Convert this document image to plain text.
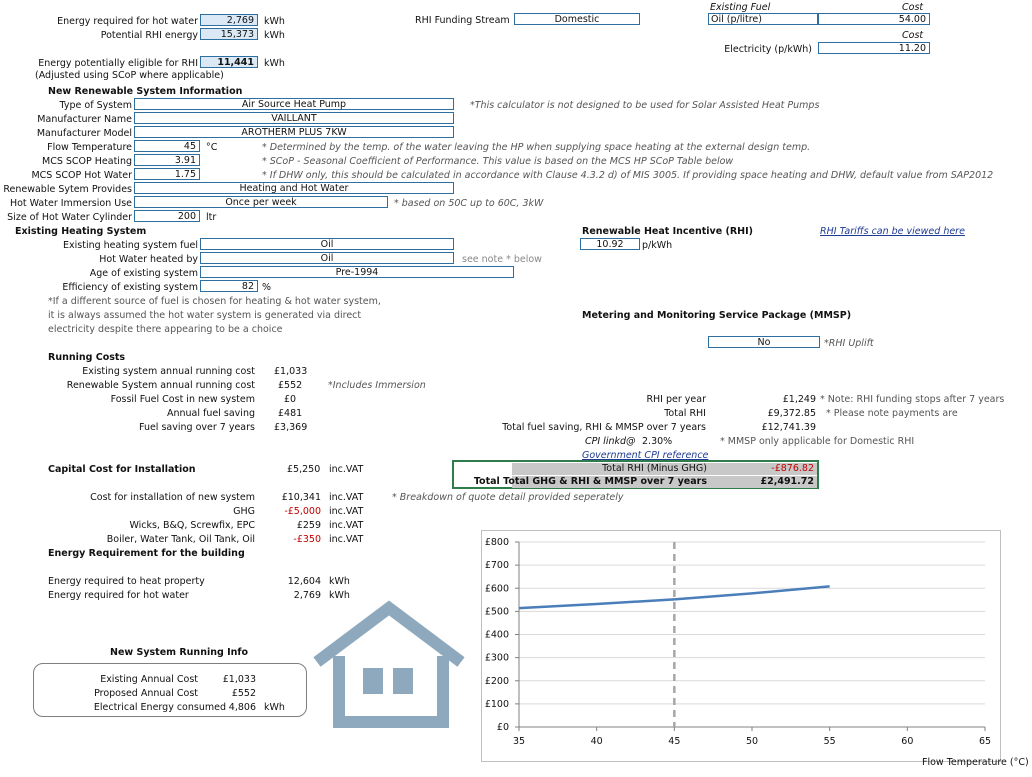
Energy required for hot water	2,769	kWh
Potential RHI energy	15,373	kWh
Energy potentially eligible for RHI	11,441	kWh
(Adjusted using SCoP where applicable)
RHI Funding Stream	Domestic
Existing Fuel	Cost
Oil (p/litre)	54.00
Cost
Electricity (p/kWh)	11.20
New Renewable System Information
Type of System	Air Source Heat Pump	*This calculator is not designed to be used for Solar Assisted Heat Pumps
Manufacturer Name	VAILLANT
Manufacturer Model	AROTHERM PLUS 7KW
Flow Temperature	45	°C	* Determined by the temp. of the water leaving the HP when supplying space heating at the external design temp.
MCS SCOP Heating	3.91	* SCoP - Seasonal Coefficient of Performance. This value is based on the MCS HP SCoP Table below
MCS SCOP Hot Water	1.75	* If DHW only, this should be calculated in accordance with Clause 4.3.2 d) of MIS 3005. If providing space heating and DHW, default value from SAP2012
Renewable Sytem Provides	Heating and Hot Water
Hot Water Immersion Use	Once per week	* based on 50C up to 60C, 3kW
Size of Hot Water Cylinder	200	ltr
Existing Heating System
Existing heating system fuel	Oil
Hot Water heated by	Oil	see note * below
Age of existing system	Pre-1994
Efficiency of existing system	82 %
*If a different source of fuel is chosen for heating & hot water system,
it is always assumed the hot water system is generated via direct
electricity despite there appearing to be a choice
Renewable Heat Incentive (RHI)
10.92	p/kWh
RHI Tariffs can be viewed here
Metering and Monitoring Service Package (MMSP)
No	*RHI Uplift
Running Costs
Existing system annual running cost £1,033
Renewable System annual running cost £552	*Includes Immersion
Fossil Fuel Cost in new system	£0
Annual fuel saving £481
Fuel saving over 7 years £3,369
RHI per year	£1,249 * Note: RHI funding stops after 7 years
Total RHI	£9,372.85 * Please note payments are
Total fuel saving, RHI & MMSP over 7 years	£12,741.39
CPI linkd@ 2.30%	* MMSP only applicable for Domestic RHI
Government CPI reference
Total RHI (Minus GHG)	-£876.82
Total Total GHG & RHI & MMSP over 7 years	£2,491.72
Capital Cost for Installation	£5,250 inc.VAT
Cost for installation of new system	£10,341 inc.VAT	* Breakdown of quote detail provided seperately
GHG	-£5,000 inc.VAT
Wicks, B&Q, Screwfix, EPC	£259 inc.VAT
Boiler, Water Tank, Oil Tank, Oil	-£350 inc.VAT
Energy Requirement for the building
Energy required to heat property	12,604 kWh
Energy required for hot water	2,769 kWh
New System Running Info
Existing Annual Cost	£1,033
Proposed Annual Cost	£552
Electrical Energy consumed 4,806 kWh
£0
£100
£200
£300
£400
£500
£600
£700
£800
35	40	45	50	55	60	65
Flow Temperature (°C)
